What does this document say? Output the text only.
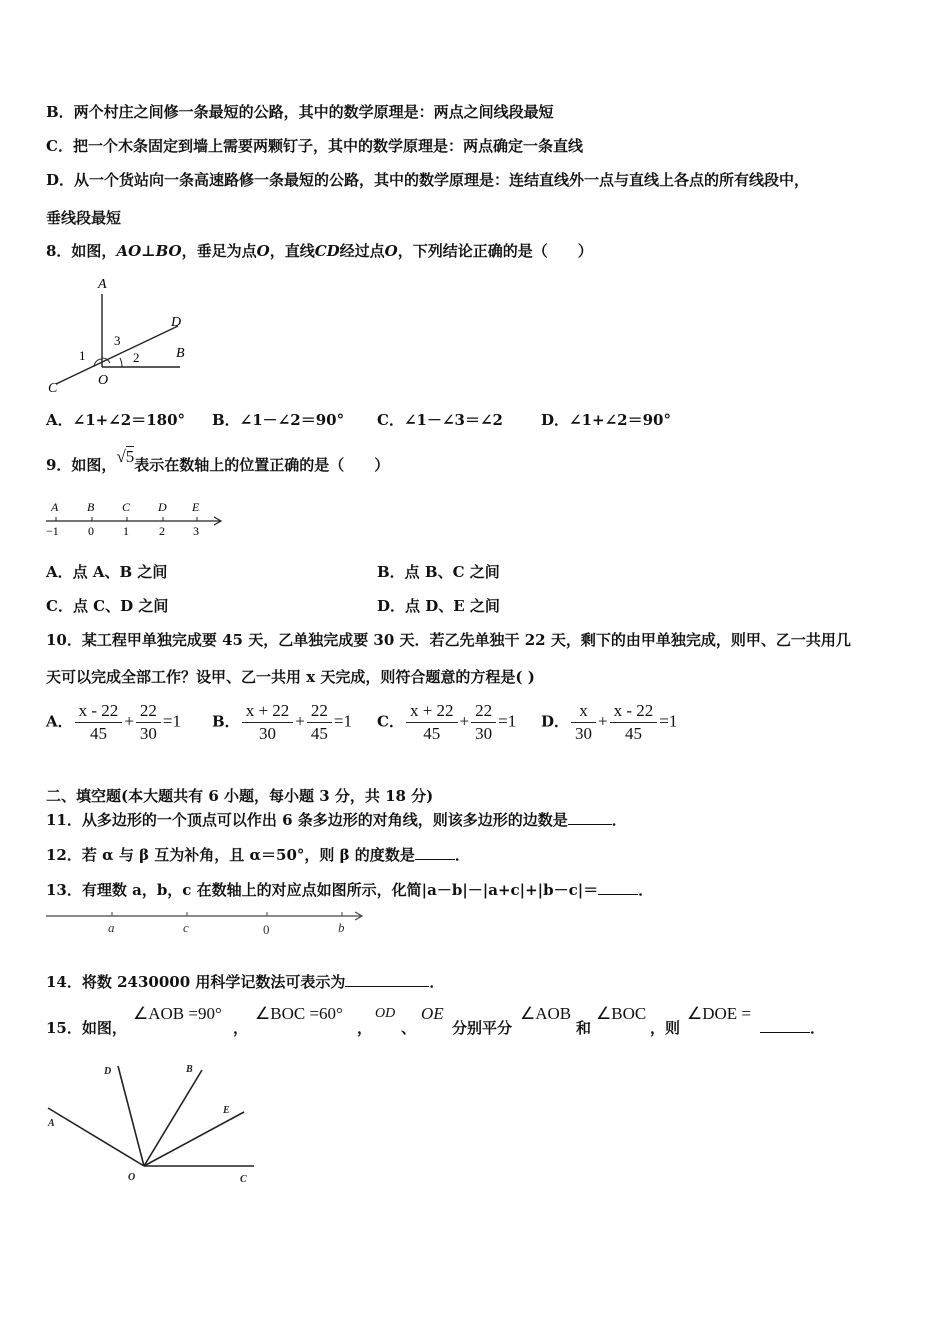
B．两个村庄之间修一条最短的公路，其中的数学原理是：两点之间线段最短
C．把一个木条固定到墙上需要两颗钉子，其中的数学原理是：两点确定一条直线
D．从一个货站向一条高速路修一条最短的公路，其中的数学原理是：连结直线外一点与直线上各点的所有线段中，
垂线段最短
8．如图，AO⊥BO，垂足为点O，直线CD经过点O，下列结论正确的是（　　）
A
D
B
C
O
1	2
3
A．∠1+∠2＝180° B．∠1－∠2＝90° C．∠1－∠3＝∠2	D．∠1+∠2＝90°
9．如图，√5表示在数轴上的位置正确的是（　　）
A B C D E
−1 0 1	2 3
A．点 A、B 之间	B．点 B、C 之间
C．点 C、D 之间	D．点 D、E 之间
10．某工程甲单独完成要 45 天，乙单独完成要 30 天．若乙先单独干 22 天，剩下的由甲单独完成，则甲、乙一共用几
天可以完成全部工作？设甲、乙一共用 x 天完成，则符合题意的方程是( )
A． $\frac{x - 22}{45} + \frac{22}{30} =1$ B． $\frac{x + 22}{30} + \frac{22}{45} =1$ C． $\frac{x + 22}{45} + \frac{22}{30} =1$ D． $\frac{x}{30} + \frac{x - 22}{45} =1$
二、填空题(本大题共有 6 小题，每小题 3 分，共 18 分)
11．从多边形的一个顶点可以作出 6 条多边形的对角线，则该多边形的边数是	．
12．若 α 与 β 互为补角，且 α＝50°，则 β 的度数是	．
13．有理数 a，b，c 在数轴上的对应点如图所示，化简|a－b|－|a+c|+|b－c|＝	．
a	c	0	b
14．将数 2430000 用科学记数法可表示为	．
15．如图，
∠AOB =90°
，
∠BOC =60°
，
OD
、
OE
分别平分
∠AOB
和
∠BOC
，则
∠DOE =
．
D	B
E
A
O	C
